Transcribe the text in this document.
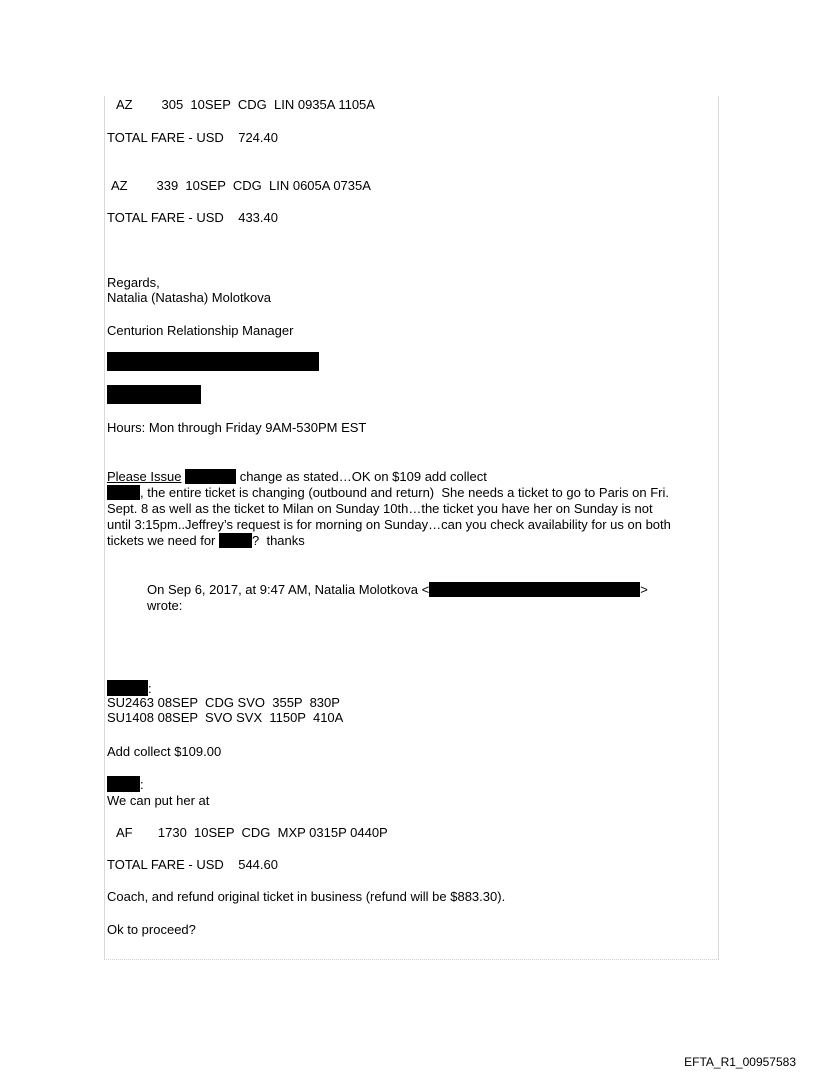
AZ        305  10SEP  CDG  LIN 0935A 1105A
TOTAL FARE - USD    724.40
AZ        339  10SEP  CDG  LIN 0605A 0735A
TOTAL FARE - USD    433.40
Regards,
Natalia (Natasha) Molotkova
Centurion Relationship Manager
Hours: Mon through Friday 9AM-530PM EST
Please Issue	change as stated…OK on $109 add collect
, the entire ticket is changing (outbound and return)  She needs a ticket to go to Paris on Fri.
Sept. 8 as well as the ticket to Milan on Sunday 10th…the ticket you have her on Sunday is not
until 3:15pm..Jeffrey’s request is for morning on Sunday…can you check availability for us on both
tickets we need for	?  thanks
On Sep 6, 2017, at 9:47 AM, Natalia Molotkova <	>
wrote:
:
SU2463 08SEP  CDG SVO  355P  830P
SU1408 08SEP  SVO SVX  1150P  410A
Add collect $109.00
:
We can put her at
AF       1730  10SEP  CDG  MXP 0315P 0440P
TOTAL FARE - USD    544.60
Coach, and refund original ticket in business (refund will be $883.30).
Ok to proceed?
EFTA_R1_00957583
